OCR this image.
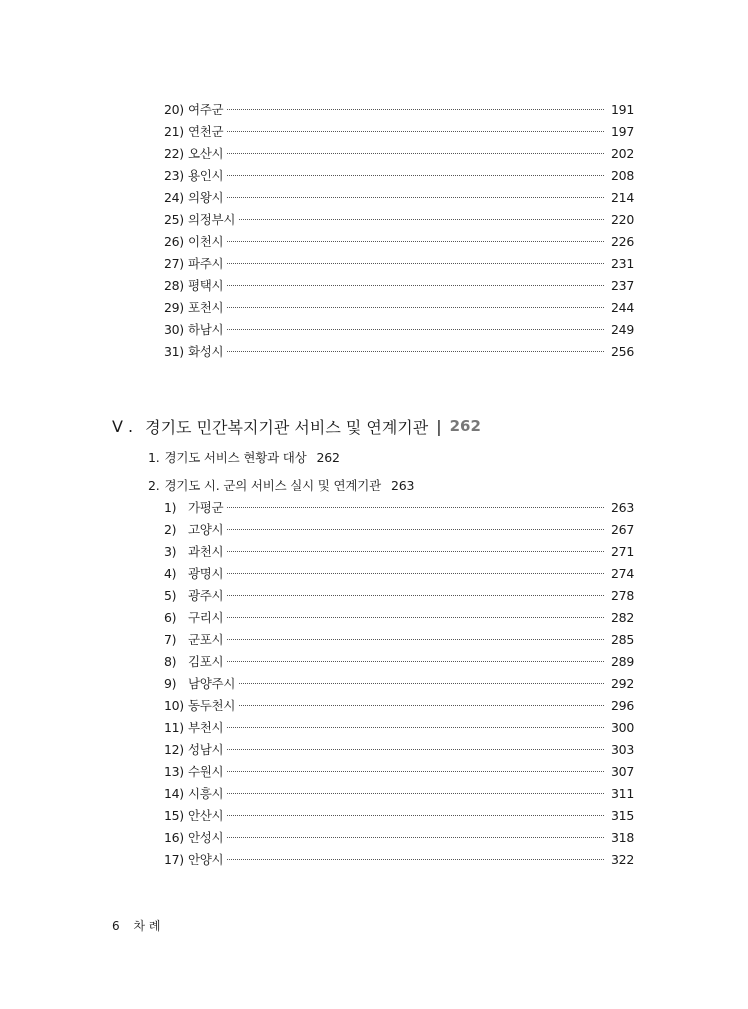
20) 여주군	191
21) 연천군	197
22) 오산시	202
23) 용인시	208
24) 의왕시	214
25) 의정부시	220
26) 이천시	226
27) 파주시	231
28) 평택시	237
29) 포천시	244
30) 하남시	249
31) 화성시	256
V . 경기도 민간복지기관 서비스 및 연계기관 | 262
1. 경기도 서비스 현황과 대상 262
2. 경기도 시. 군의 서비스 실시 및 연계기관 263
1) 가평군	263
2) 고양시	267
3) 과천시	271
4) 광명시	274
5) 광주시	278
6) 구리시	282
7) 군포시	285
8) 김포시	289
9) 남양주시	292
10) 동두천시	296
11) 부천시	300
12) 성남시	303
13) 수원시	307
14) 시흥시	311
15) 안산시	315
16) 안성시	318
17) 안양시	322
6 차 례
